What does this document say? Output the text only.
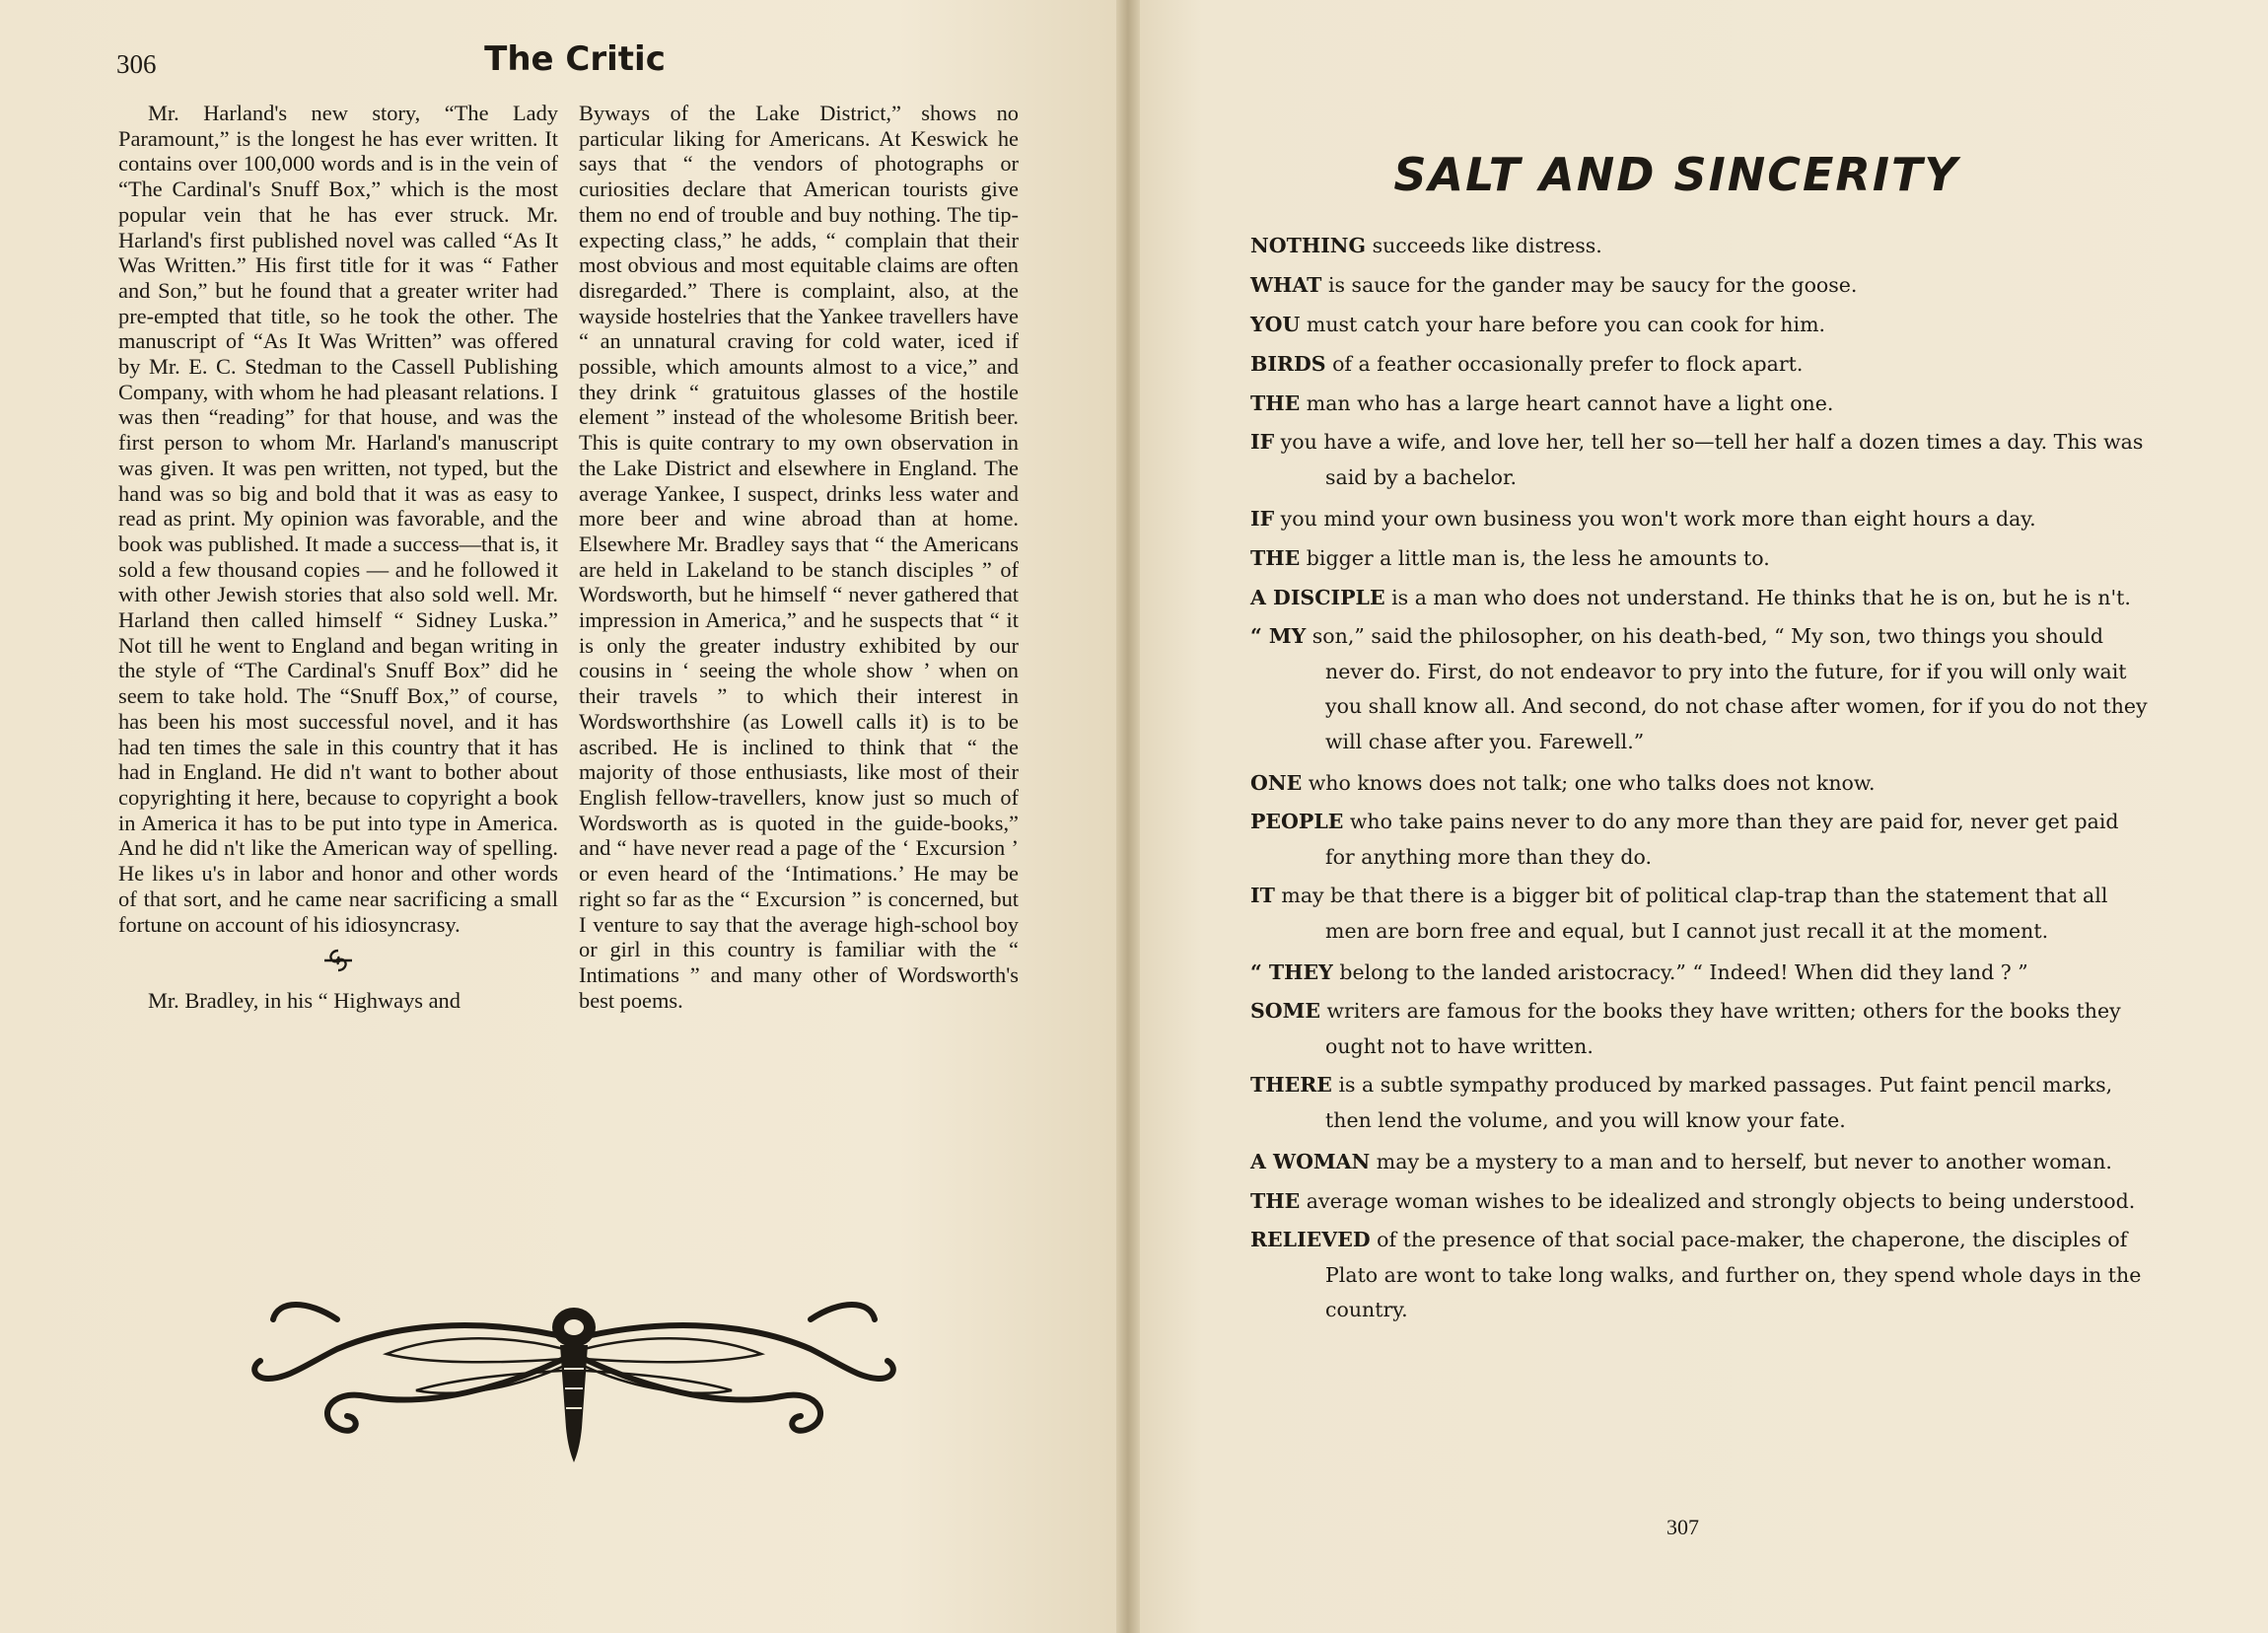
306	The Critic

Mr. Harland's new story, “The Lady Paramount,” is the longest he has ever written. It contains over 100,000 words and is in the vein of “The Cardinal's Snuff Box,” which is the most popular vein that he has ever struck. Mr. Harland's first published novel was called “As It Was Written.” His first title for it was “ Father and Son,” but he found that a greater writer had pre-empted that title, so he took the other. The manuscript of “As It Was Written” was offered by Mr. E. C. Stedman to the Cassell Publishing Company, with whom he had pleasant relations. I was then “reading” for that house, and was the first person to whom Mr. Harland's manuscript was given. It was pen written, not typed, but the hand was so big and bold that it was as easy to read as print. My opinion was favorable, and the book was published. It made a success—that is, it sold a few thousand copies — and he followed it with other Jewish stories that also sold well. Mr. Harland then called himself “ Sidney Luska.” Not till he went to England and began writing in the style of “The Cardinal's Snuff Box” did he seem to take hold. The “Snuff Box,” of course, has been his most successful novel, and it has had ten times the sale in this country that it has had in England. He did n't want to bother about copyrighting it here, because to copyright a book in America it has to be put into type in America. And he did n't like the American way of spelling. He likes u's in labor and honor and other words of that sort, and he came near sacrificing a small fortune on account of his idiosyncrasy.

Mr. Bradley, in his “ Highways and

Byways of the Lake District,” shows no particular liking for Americans. At Keswick he says that “ the vendors of photographs or curiosities declare that American tourists give them no end of trouble and buy nothing. The tip-expecting class,” he adds, “ complain that their most obvious and most equitable claims are often disregarded.” There is complaint, also, at the wayside hostelries that the Yankee travellers have “ an unnatural craving for cold water, iced if possible, which amounts almost to a vice,” and they drink “ gratuitous glasses of the hostile element ” instead of the wholesome British beer. This is quite contrary to my own observation in the Lake District and elsewhere in England. The average Yankee, I suspect, drinks less water and more beer and wine abroad than at home. Elsewhere Mr. Bradley says that “ the Americans are held in Lakeland to be stanch disciples ” of Wordsworth, but he himself “ never gathered that impression in America,” and he suspects that “ it is only the greater industry exhibited by our cousins in ‘ seeing the whole show ’ when on their travels ” to which their interest in Wordsworthshire (as Lowell calls it) is to be ascribed. He is inclined to think that “ the majority of those enthusiasts, like most of their English fellow-travellers, know just so much of Wordsworth as is quoted in the guide-books,” and “ have never read a page of the ‘ Excursion ’ or even heard of the ‘Intimations.’ He may be right so far as the “ Excursion ” is concerned, but I venture to say that the average high-school boy or girl in this country is familiar with the “ Intimations ” and many other of Wordsworth's best poems.

SALT AND SINCERITY

NOTHING succeeds like distress.

WHAT is sauce for the gander may be saucy for the goose.

YOU must catch your hare before you can cook for him.

BIRDS of a feather occasionally prefer to flock apart.

THE man who has a large heart cannot have a light one.

IF you have a wife, and love her, tell her so—tell her half a dozen times a day. This was said by a bachelor.

IF you mind your own business you won't work more than eight hours a day.

THE bigger a little man is, the less he amounts to.

A DISCIPLE is a man who does not understand. He thinks that he is on, but he is n't.

“ MY son,” said the philosopher, on his death-bed, “ My son, two things you should never do. First, do not endeavor to pry into the future, for if you will only wait you shall know all. And second, do not chase after women, for if you do not they will chase after you. Farewell.”

ONE who knows does not talk; one who talks does not know.

PEOPLE who take pains never to do any more than they are paid for, never get paid for anything more than they do.

IT may be that there is a bigger bit of political clap-trap than the statement that all men are born free and equal, but I cannot just recall it at the moment.

“ THEY belong to the landed aristocracy.” “ Indeed! When did they land ? ”

SOME writers are famous for the books they have written; others for the books they ought not to have written.

THERE is a subtle sympathy produced by marked passages. Put faint pencil marks, then lend the volume, and you will know your fate.

A WOMAN may be a mystery to a man and to herself, but never to another woman.

THE average woman wishes to be idealized and strongly objects to being understood.

RELIEVED of the presence of that social pace-maker, the chaperone, the disciples of Plato are wont to take long walks, and further on, they spend whole days in the country.

307
